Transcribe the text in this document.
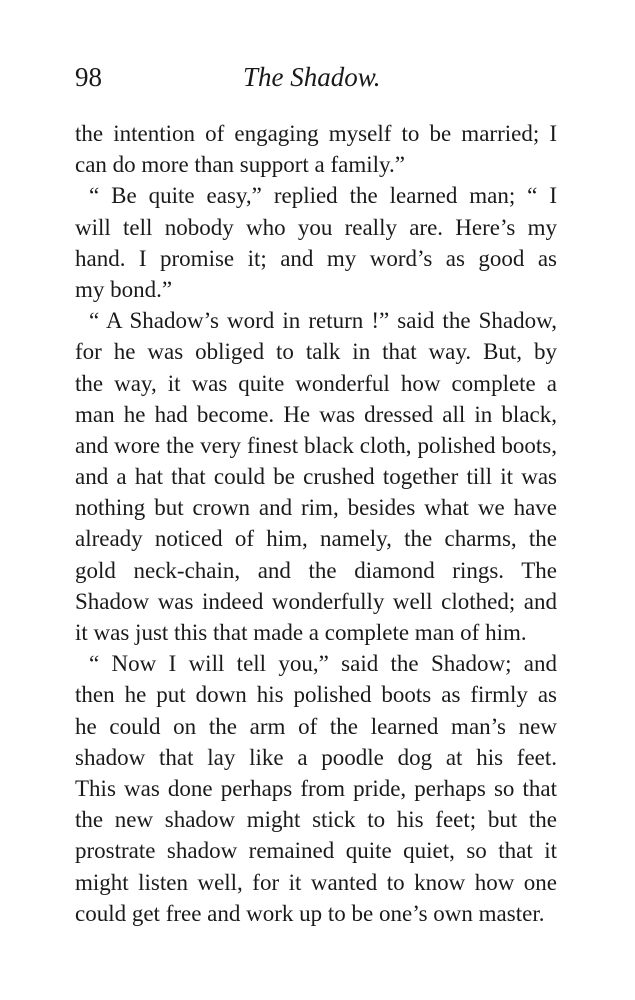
98	The Shadow.
the intention of engaging myself to be married; I
can do more than support a family.”
“ Be quite easy,” replied the learned man; “ I
will tell nobody who you really are. Here’s my
hand. I promise it; and my word’s as good as
my bond.”
“ A Shadow’s word in return !” said the Shadow,
for he was obliged to talk in that way. But, by
the way, it was quite wonderful how complete a
man he had become. He was dressed all in black,
and wore the very finest black cloth, polished boots,
and a hat that could be crushed together till it was
nothing but crown and rim, besides what we have
already noticed of him, namely, the charms, the
gold neck-chain, and the diamond rings. The
Shadow was indeed wonderfully well clothed; and
it was just this that made a complete man of him.
“ Now I will tell you,” said the Shadow; and
then he put down his polished boots as firmly as
he could on the arm of the learned man’s new
shadow that lay like a poodle dog at his feet.
This was done perhaps from pride, perhaps so that
the new shadow might stick to his feet; but the
prostrate shadow remained quite quiet, so that it
might listen well, for it wanted to know how one
could get free and work up to be one’s own master.
